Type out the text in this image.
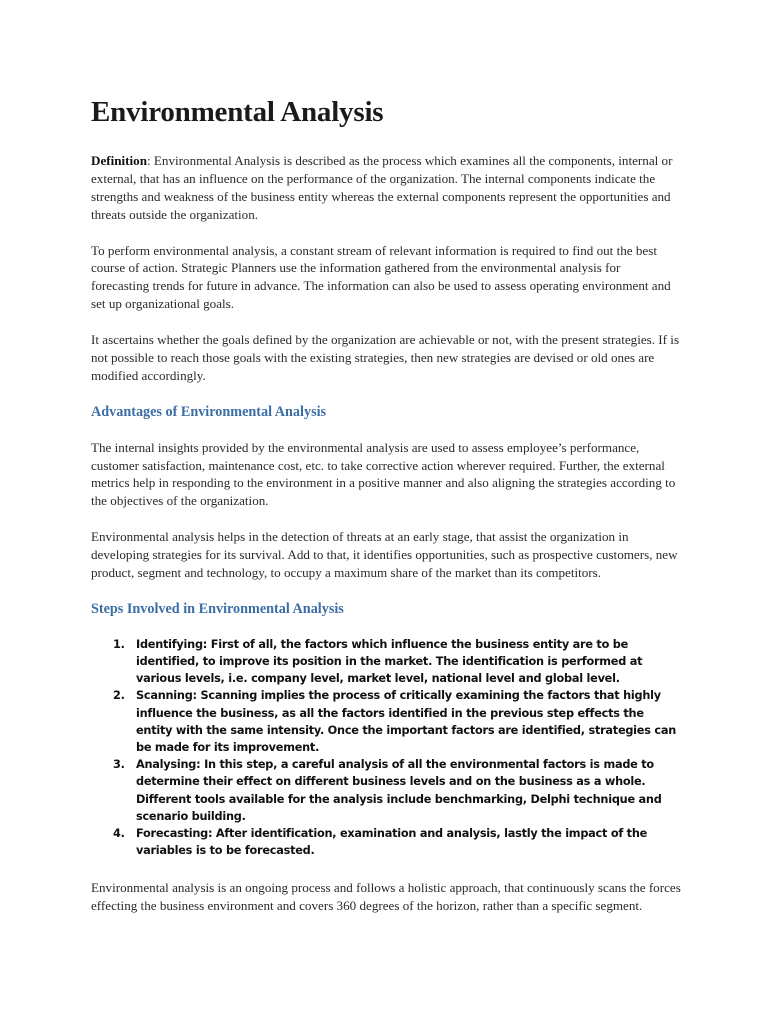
Environmental Analysis

Definition: Environmental Analysis is described as the process which examines all the components, internal or external, that has an influence on the performance of the organization. The internal components indicate the strengths and weakness of the business entity whereas the external components represent the opportunities and threats outside the organization.

To perform environmental analysis, a constant stream of relevant information is required to find out the best course of action. Strategic Planners use the information gathered from the environmental analysis for forecasting trends for future in advance. The information can also be used to assess operating environment and set up organizational goals.

It ascertains whether the goals defined by the organization are achievable or not, with the present strategies. If is not possible to reach those goals with the existing strategies, then new strategies are devised or old ones are modified accordingly.

Advantages of Environmental Analysis

The internal insights provided by the environmental analysis are used to assess employee’s performance, customer satisfaction, maintenance cost, etc. to take corrective action wherever required. Further, the external metrics help in responding to the environment in a positive manner and also aligning the strategies according to the objectives of the organization.

Environmental analysis helps in the detection of threats at an early stage, that assist the organization in developing strategies for its survival. Add to that, it identifies opportunities, such as prospective customers, new product, segment and technology, to occupy a maximum share of the market than its competitors.

Steps Involved in Environmental Analysis
1. Identifying: First of all, the factors which influence the business entity are to be identified, to improve its position in the market. The identification is performed at various levels, i.e. company level, market level, national level and global level.
2. Scanning: Scanning implies the process of critically examining the factors that highly influence the business, as all the factors identified in the previous step effects the entity with the same intensity. Once the important factors are identified, strategies can be made for its improvement.
3. Analysing: In this step, a careful analysis of all the environmental factors is made to determine their effect on different business levels and on the business as a whole. Different tools available for the analysis include benchmarking, Delphi technique and scenario building.
4. Forecasting: After identification, examination and analysis, lastly the impact of the variables is to be forecasted.

Environmental analysis is an ongoing process and follows a holistic approach, that continuously scans the forces effecting the business environment and covers 360 degrees of the horizon, rather than a specific segment.
